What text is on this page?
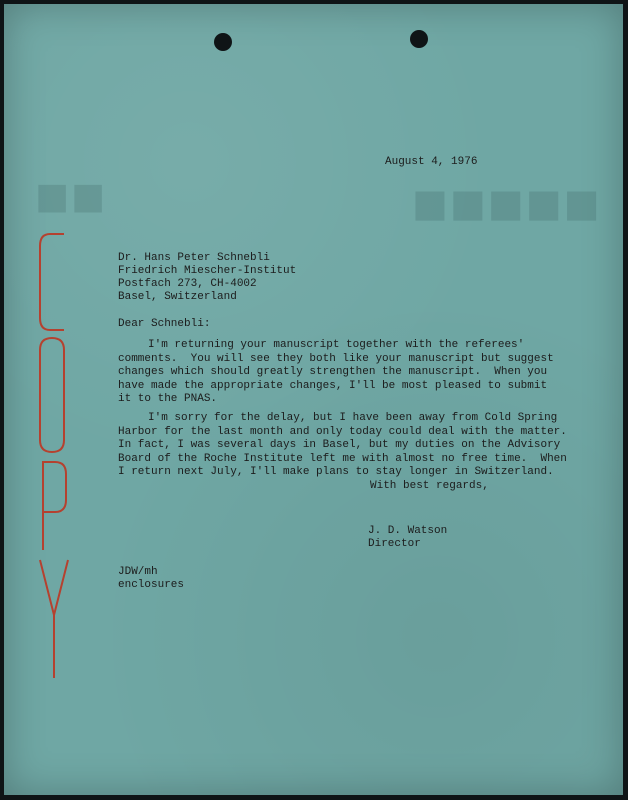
■■■■■
■■
August 4, 1976
Dr. Hans Peter Schnebli
Friedrich Miescher-Institut
Postfach 273, CH-4002
Basel, Switzerland
Dear Schnebli:
I'm returning your manuscript together with the referees'
comments.  You will see they both like your manuscript but suggest
changes which should greatly strengthen the manuscript.  When you
have made the appropriate changes, I'll be most pleased to submit
it to the PNAS.
I'm sorry for the delay, but I have been away from Cold Spring
Harbor for the last month and only today could deal with the matter.
In fact, I was several days in Basel, but my duties on the Advisory
Board of the Roche Institute left me with almost no free time.  When
I return next July, I'll make plans to stay longer in Switzerland.
With best regards,
J. D. Watson
Director
JDW/mh
enclosures
